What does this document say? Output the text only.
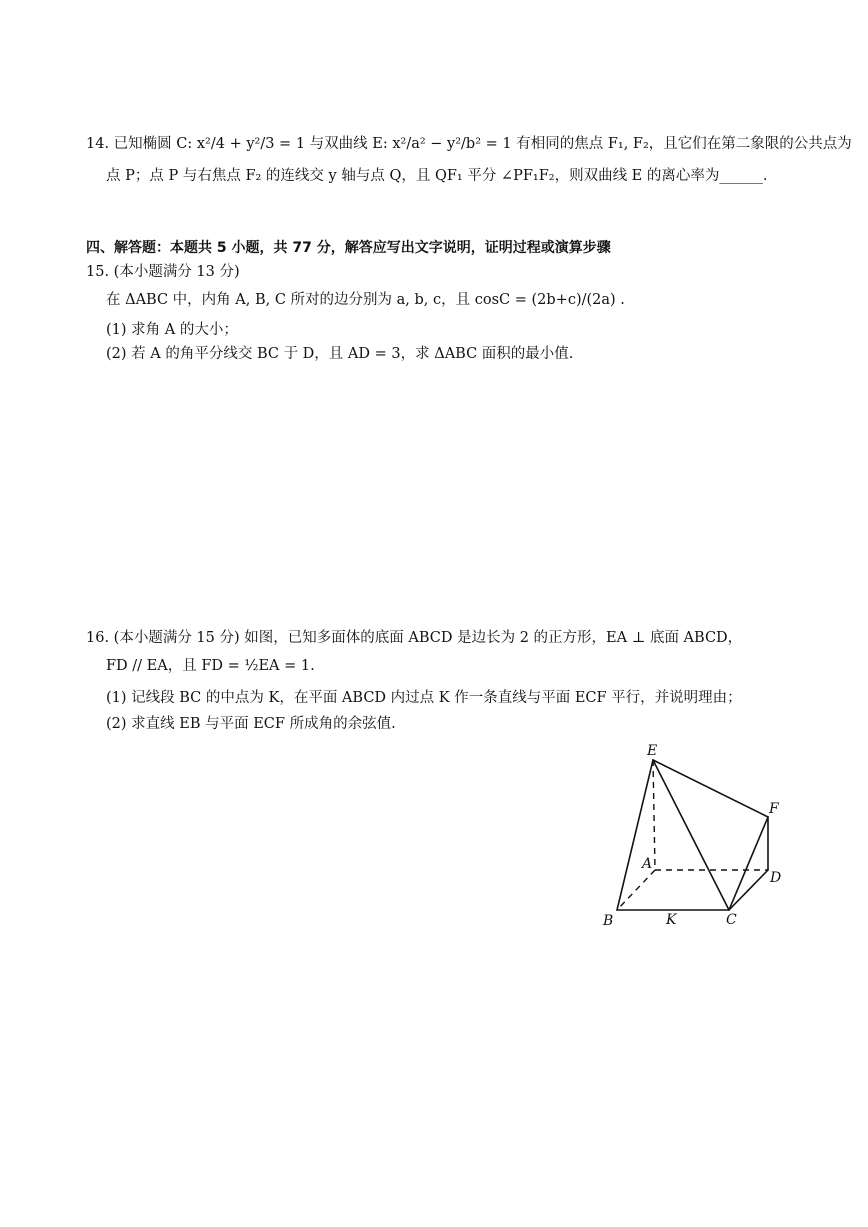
14. 已知椭圆 C: x²/4 + y²/3 = 1 与双曲线 E: x²/a² − y²/b² = 1 有相同的焦点 F₁, F₂，且它们在第二象限的公共点为
点 P；点 P 与右焦点 F₂ 的连线交 y 轴与点 Q，且 QF₁ 平分 ∠PF₁F₂，则双曲线 E 的离心率为______.
四、解答题：本题共 5 小题，共 77 分，解答应写出文字说明，证明过程或演算步骤
15. (本小题满分 13 分)
在 ΔABC 中，内角 A, B, C 所对的边分别为 a, b, c，且 cosC = (2b+c)/(2a) .
(1) 求角 A 的大小；
(2) 若 A 的角平分线交 BC 于 D，且 AD = 3，求 ΔABC 面积的最小值.
16. (本小题满分 15 分) 如图，已知多面体的底面 ABCD 是边长为 2 的正方形，EA ⊥ 底面 ABCD，
FD // EA，且 FD = ½EA = 1.
(1) 记线段 BC 的中点为 K，在平面 ABCD 内过点 K 作一条直线与平面 ECF 平行，并说明理由；
(2) 求直线 EB 与平面 ECF 所成角的余弦值.
E
F
A
D
B	K	C
